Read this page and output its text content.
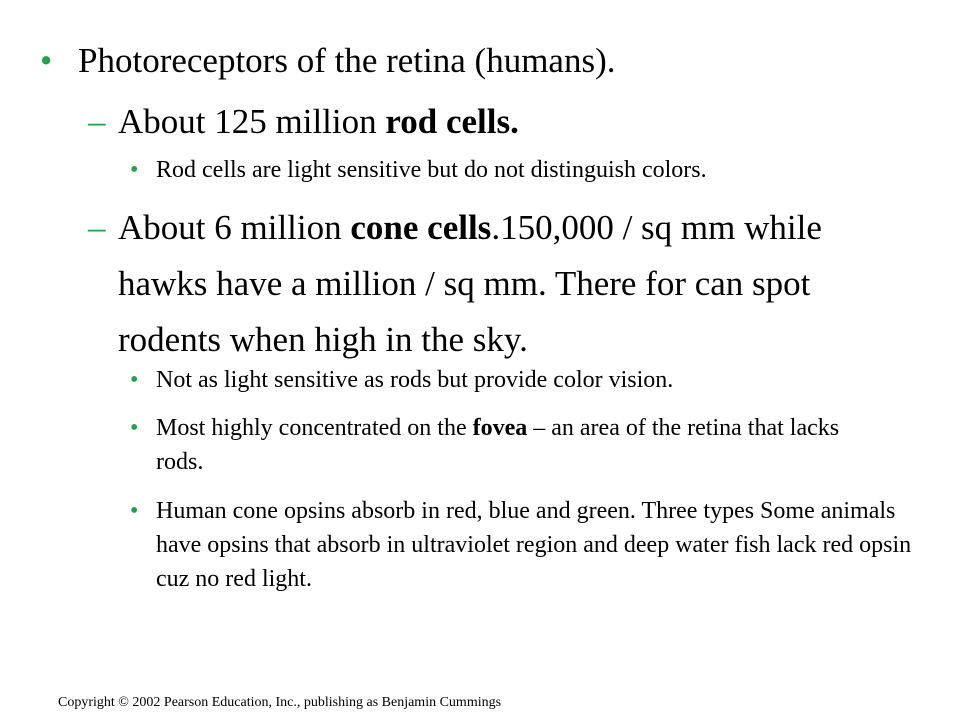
• Photoreceptors of the retina (humans).
– About 125 million rod cells.
• Rod cells are light sensitive but do not distinguish colors.
– About 6 million cone cells.150,000 / sq mm while hawks have a million / sq mm. There for can spot rodents when high in the sky.
• Not as light sensitive as rods but provide color vision.
• Most highly concentrated on the fovea – an area of the retina that lacks rods.
• Human cone opsins absorb in red, blue and green. Three types Some animals have opsins that absorb in ultraviolet region and deep water fish lack red opsin cuz no red light.
Copyright © 2002 Pearson Education, Inc., publishing as Benjamin Cummings
